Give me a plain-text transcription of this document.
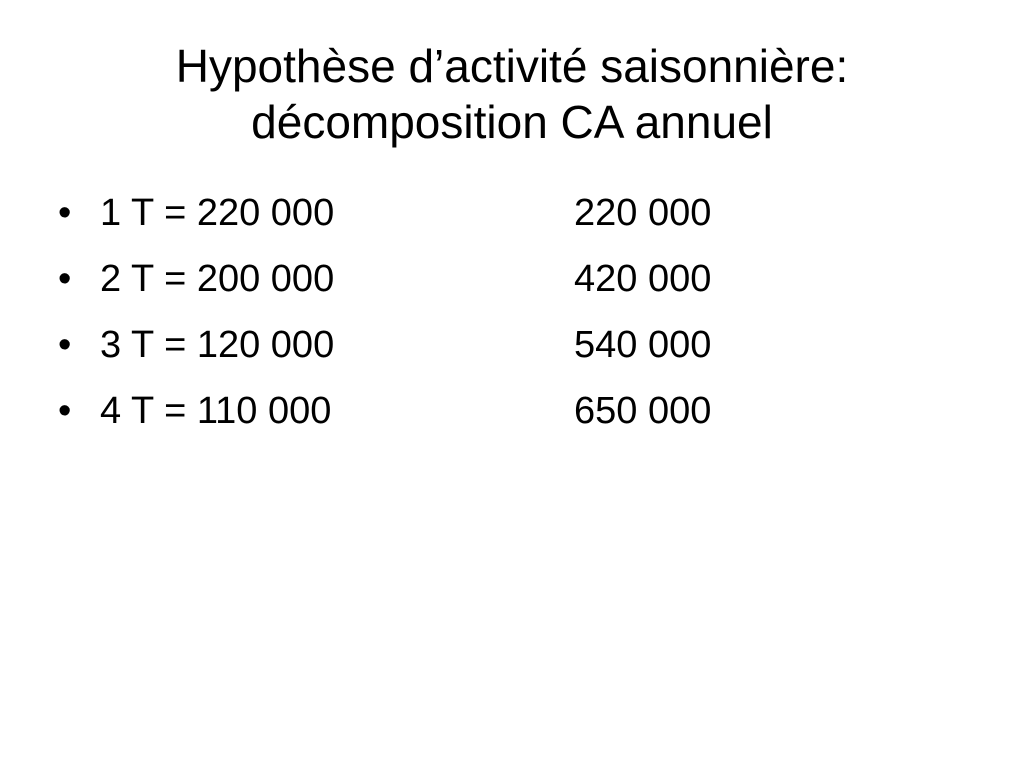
Hypothèse d’activité saisonnière:
décomposition CA annuel
• 1 T = 220 000	220 000
• 2 T = 200 000	420 000
• 3 T = 120 000	540 000
• 4 T = 110 000	650 000
